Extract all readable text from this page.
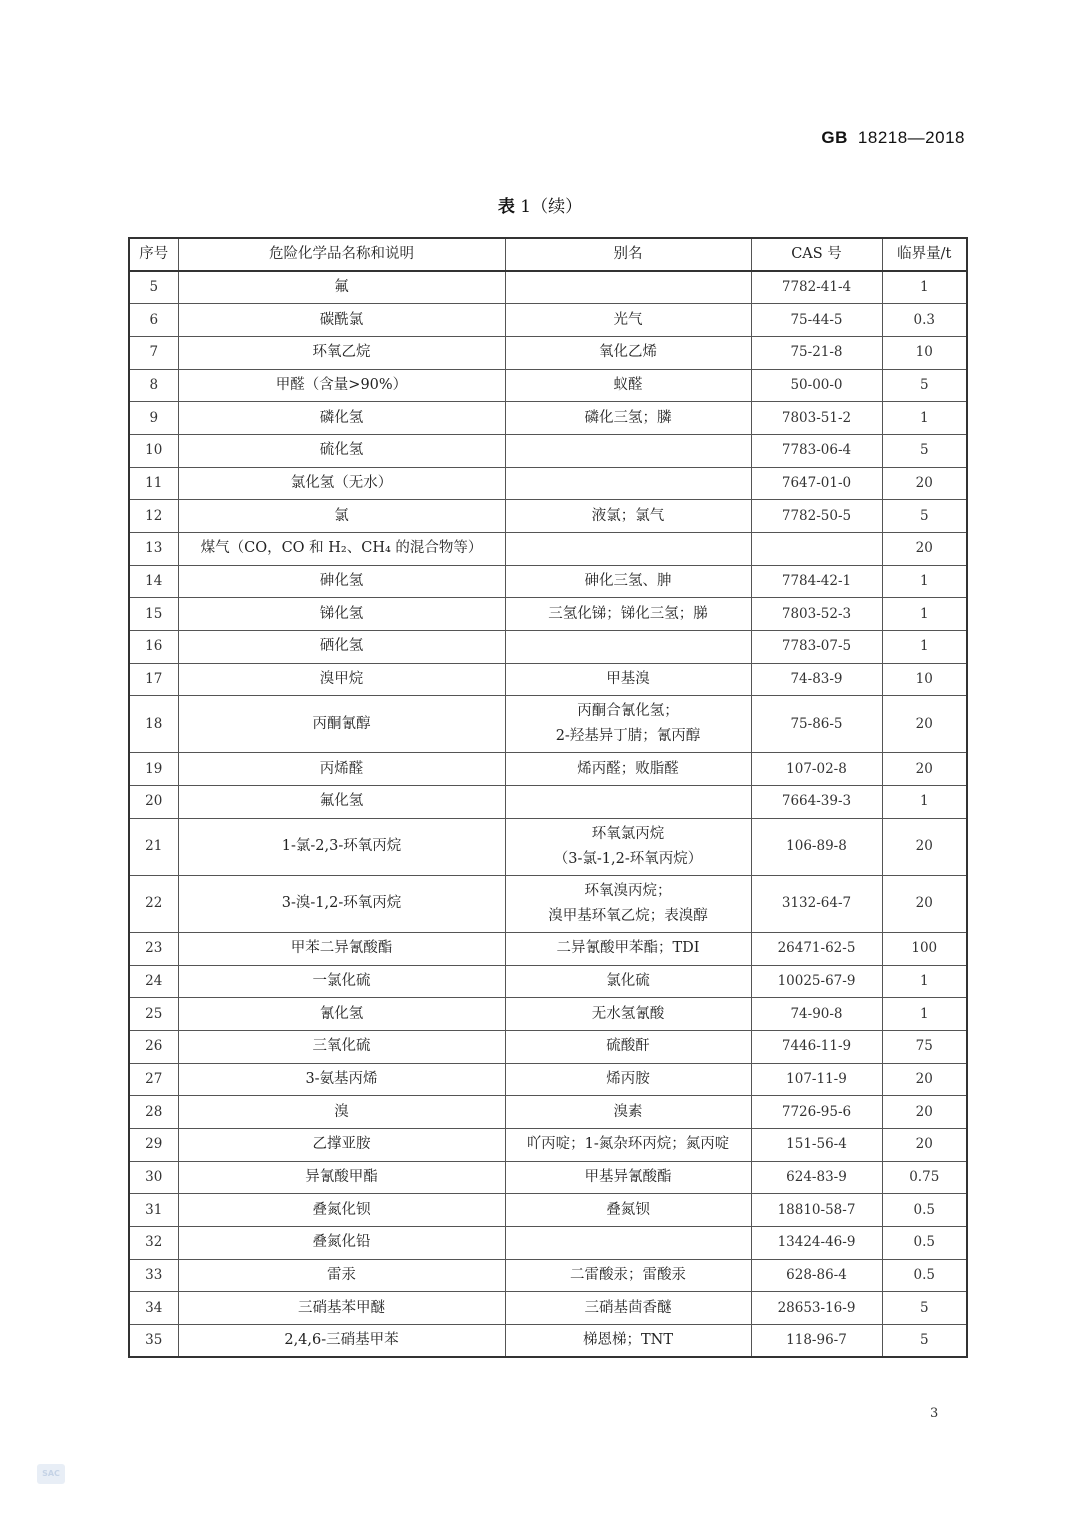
GB 18218—2018
表 1（续）
序号	危险化学品名称和说明	别名	CAS 号	临界量/t
5	氟		7782-41-4	1
6	碳酰氯	光气	75-44-5	0.3
7	环氧乙烷	氧化乙烯	75-21-8	10
8	甲醛（含量>90%）	蚁醛	50-00-0	5
9	磷化氢	磷化三氢；膦	7803-51-2	1
10	硫化氢		7783-06-4	5
11	氯化氢（无水）		7647-01-0	20
12	氯	液氯；氯气	7782-50-5	5
13	煤气（CO，CO 和 H₂、CH₄ 的混合物等）			20
14	砷化氢	砷化三氢、胂	7784-42-1	1
15	锑化氢	三氢化锑；锑化三氢；䏲	7803-52-3	1
16	硒化氢		7783-07-5	1
17	溴甲烷	甲基溴	74-83-9	10
18	丙酮氰醇	丙酮合氰化氢；
2-羟基异丁腈；氰丙醇	75-86-5	20
19	丙烯醛	烯丙醛；败脂醛	107-02-8	20
20	氟化氢		7664-39-3	1
21	1-氯-2,3-环氧丙烷	环氧氯丙烷
（3-氯-1,2-环氧丙烷）	106-89-8	20
22	3-溴-1,2-环氧丙烷	环氧溴丙烷；
溴甲基环氧乙烷；表溴醇	3132-64-7	20
23	甲苯二异氰酸酯	二异氰酸甲苯酯；TDI	26471-62-5	100
24	一氯化硫	氯化硫	10025-67-9	1
25	氰化氢	无水氢氰酸	74-90-8	1
26	三氧化硫	硫酸酐	7446-11-9	75
27	3-氨基丙烯	烯丙胺	107-11-9	20
28	溴	溴素	7726-95-6	20
29	乙撑亚胺	吖丙啶；1-氮杂环丙烷；氮丙啶	151-56-4	20
30	异氰酸甲酯	甲基异氰酸酯	624-83-9	0.75
31	叠氮化钡	叠氮钡	18810-58-7	0.5
32	叠氮化铅		13424-46-9	0.5
33	雷汞	二雷酸汞；雷酸汞	628-86-4	0.5
34	三硝基苯甲醚	三硝基茴香醚	28653-16-9	5
35	2,4,6-三硝基甲苯	梯恩梯；TNT	118-96-7	5
3
SAC
